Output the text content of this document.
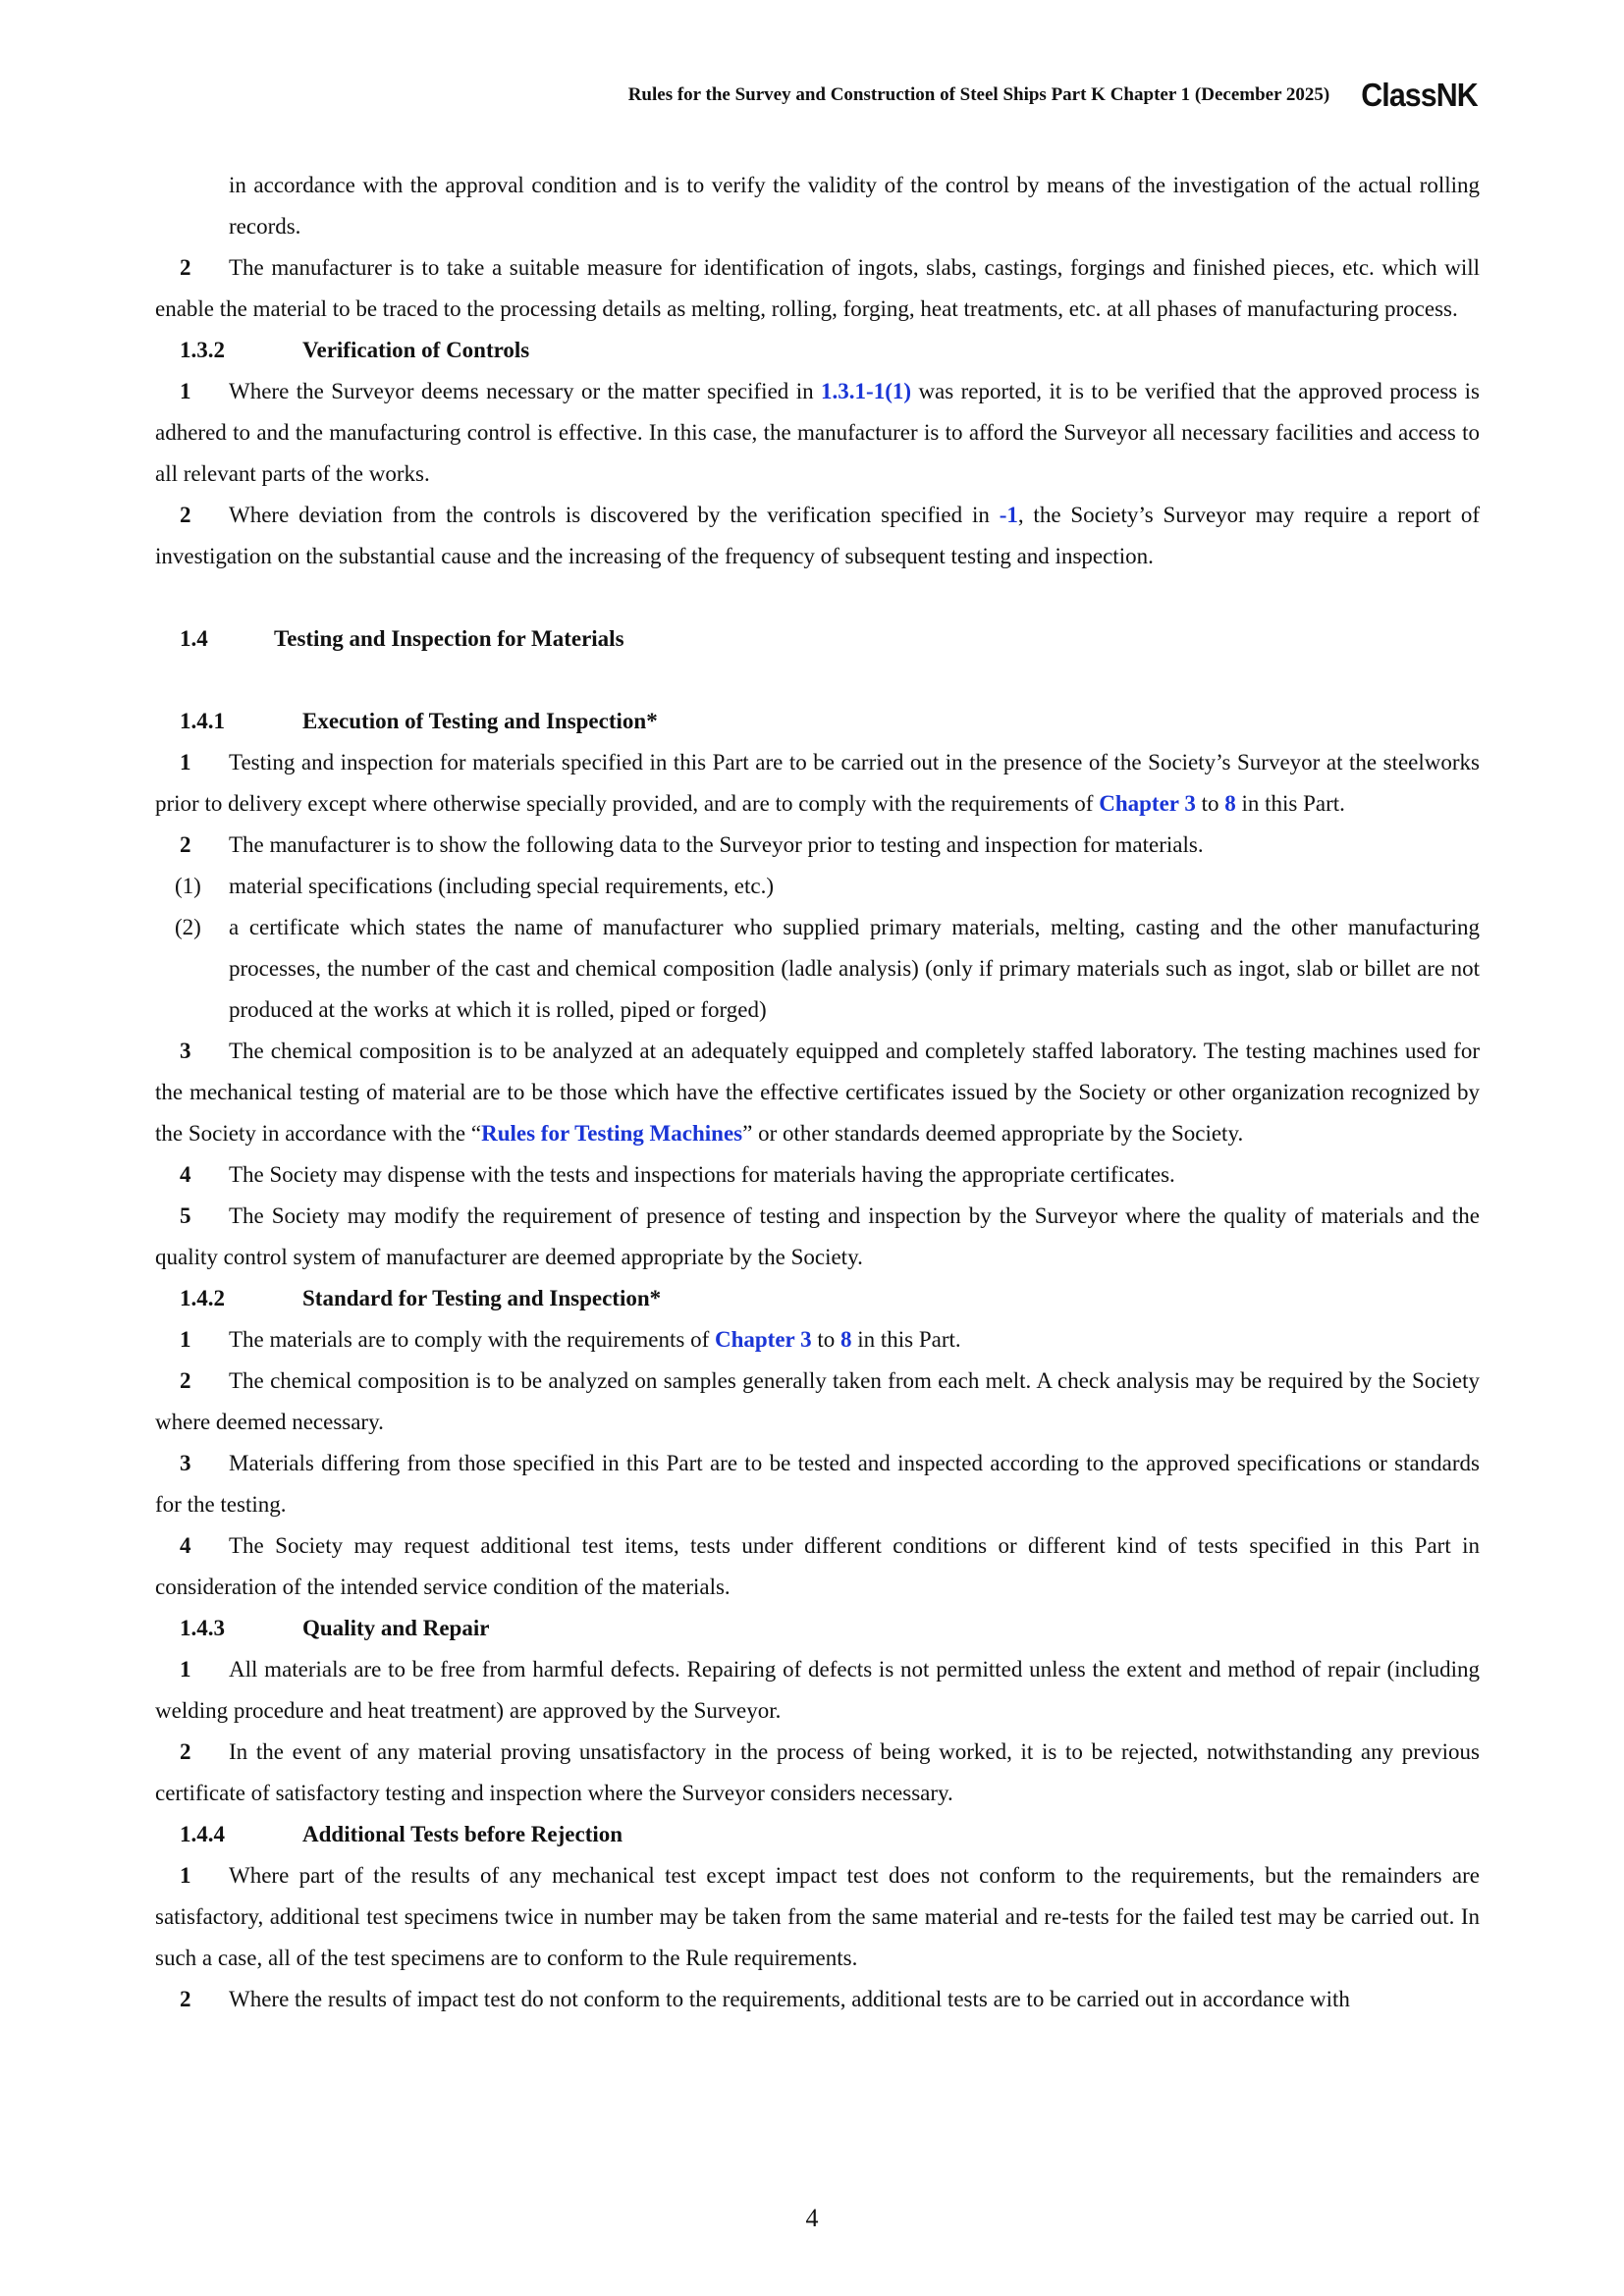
Rules for the Survey and Construction of Steel Ships Part K Chapter 1 (December 2025) ClassNK

in accordance with the approval condition and is to verify the validity of the control by means of the investigation of the actual rolling records.

2 The manufacturer is to take a suitable measure for identification of ingots, slabs, castings, forgings and finished pieces, etc. which will enable the material to be traced to the processing details as melting, rolling, forging, heat treatments, etc. at all phases of manufacturing process.

1.3.2	Verification of Controls

1 Where the Surveyor deems necessary or the matter specified in 1.3.1-1(1) was reported, it is to be verified that the approved process is adhered to and the manufacturing control is effective. In this case, the manufacturer is to afford the Surveyor all necessary facilities and access to all relevant parts of the works.

2 Where deviation from the controls is discovered by the verification specified in -1, the Society’s Surveyor may require a report of investigation on the substantial cause and the increasing of the frequency of subsequent testing and inspection.

1.4	Testing and Inspection for Materials
1.4.1	Execution of Testing and Inspection*

1 Testing and inspection for materials specified in this Part are to be carried out in the presence of the Society’s Surveyor at the steelworks prior to delivery except where otherwise specially provided, and are to comply with the requirements of Chapter 3 to 8 in this Part.

2 The manufacturer is to show the following data to the Surveyor prior to testing and inspection for materials.

(1) material specifications (including special requirements, etc.)

(2) a certificate which states the name of manufacturer who supplied primary materials, melting, casting and the other manufacturing processes, the number of the cast and chemical composition (ladle analysis) (only if primary materials such as ingot, slab or billet are not produced at the works at which it is rolled, piped or forged)

3 The chemical composition is to be analyzed at an adequately equipped and completely staffed laboratory. The testing machines used for the mechanical testing of material are to be those which have the effective certificates issued by the Society or other organization recognized by the Society in accordance with the “Rules for Testing Machines” or other standards deemed appropriate by the Society.

4 The Society may dispense with the tests and inspections for materials having the appropriate certificates.

5 The Society may modify the requirement of presence of testing and inspection by the Surveyor where the quality of materials and the quality control system of manufacturer are deemed appropriate by the Society.

1.4.2	Standard for Testing and Inspection*

1 The materials are to comply with the requirements of Chapter 3 to 8 in this Part.

2 The chemical composition is to be analyzed on samples generally taken from each melt. A check analysis may be required by the Society where deemed necessary.

3 Materials differing from those specified in this Part are to be tested and inspected according to the approved specifications or standards for the testing.

4 The Society may request additional test items, tests under different conditions or different kind of tests specified in this Part in consideration of the intended service condition of the materials.

1.4.3	Quality and Repair

1 All materials are to be free from harmful defects. Repairing of defects is not permitted unless the extent and method of repair (including welding procedure and heat treatment) are approved by the Surveyor.

2 In the event of any material proving unsatisfactory in the process of being worked, it is to be rejected, notwithstanding any previous certificate of satisfactory testing and inspection where the Surveyor considers necessary.

1.4.4	Additional Tests before Rejection

1 Where part of the results of any mechanical test except impact test does not conform to the requirements, but the remainders are satisfactory, additional test specimens twice in number may be taken from the same material and re-tests for the failed test may be carried out. In such a case, all of the test specimens are to conform to the Rule requirements.

2 Where the results of impact test do not conform to the requirements, additional tests are to be carried out in accordance with

4
